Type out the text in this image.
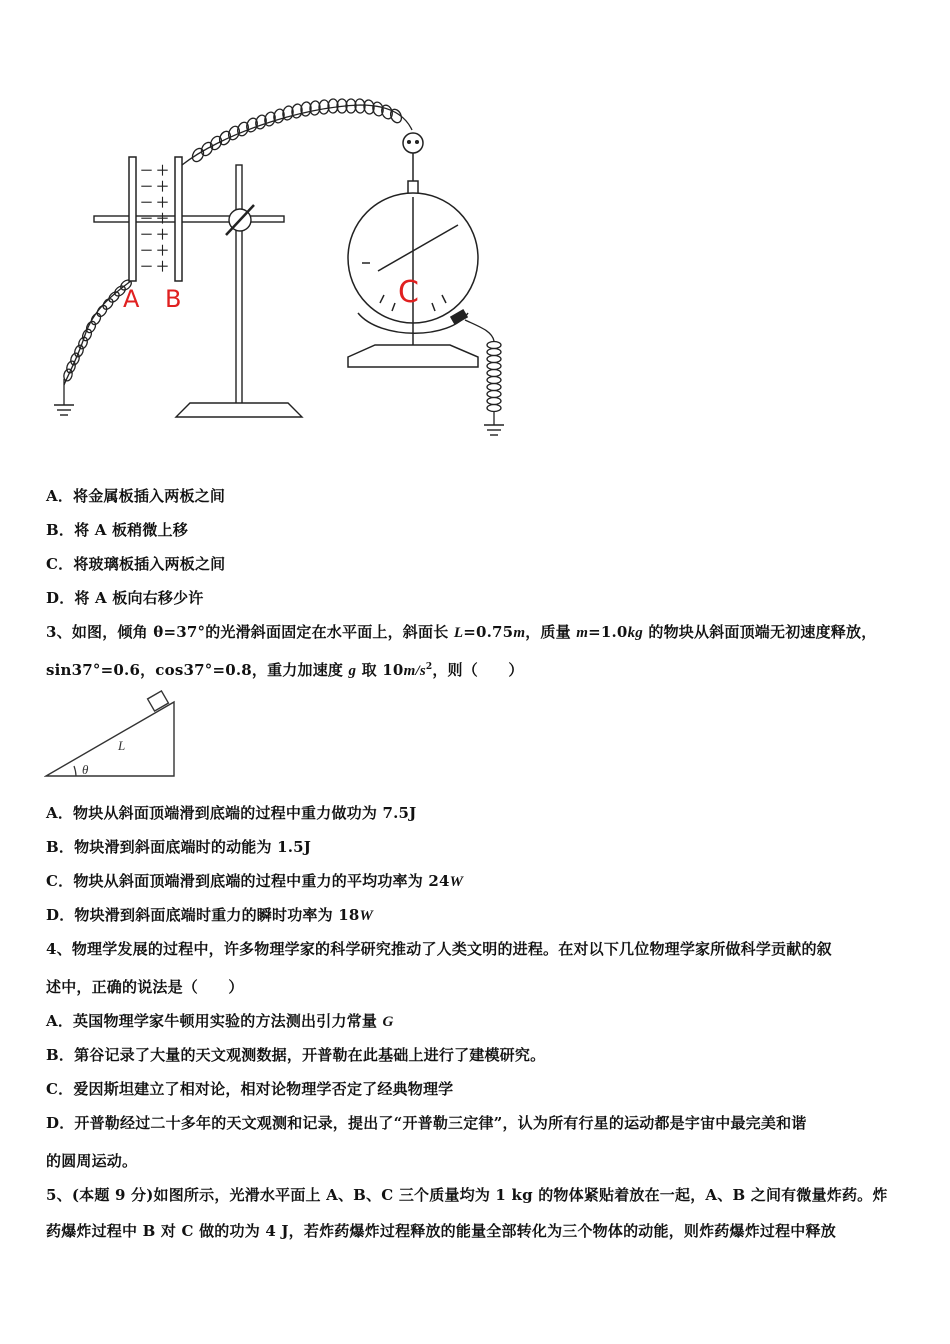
－
－
－
－
－
－
－
＋
＋
＋
＋
＋
＋
＋
A B	C
A．将金属板插入两板之间
B．将 A 板稍微上移
C．将玻璃板插入两板之间
D．将 A 板向右移少许
3、如图，倾角 θ=37°的光滑斜面固定在水平面上，斜面长 L=0.75m，质量 m=1.0kg 的物块从斜面顶端无初速度释放，
sin37°=0.6，cos37°=0.8，重力加速度 g 取 $10m/s^2$，则（　　）
L
θ
A．物块从斜面顶端滑到底端的过程中重力做功为 7.5J
B．物块滑到斜面底端时的动能为 1.5J
C．物块从斜面顶端滑到底端的过程中重力的平均功率为 24W
D．物块滑到斜面底端时重力的瞬时功率为 18W
4、物理学发展的过程中，许多物理学家的科学研究推动了人类文明的进程。在对以下几位物理学家所做科学贡献的叙
述中，正确的说法是（　　）
A．英国物理学家牛顿用实验的方法测出引力常量 G
B．第谷记录了大量的天文观测数据，开普勒在此基础上进行了建模研究。
C．爱因斯坦建立了相对论，相对论物理学否定了经典物理学
D．开普勒经过二十多年的天文观测和记录，提出了“开普勒三定律”，认为所有行星的运动都是宇宙中最完美和谐
的圆周运动。
5、(本题 9 分)如图所示，光滑水平面上 A、B、C 三个质量均为 1 kg 的物体紧贴着放在一起，A、B 之间有微量炸药。炸
药爆炸过程中 B 对 C 做的功为 4 J，若炸药爆炸过程释放的能量全部转化为三个物体的动能，则炸药爆炸过程中释放
